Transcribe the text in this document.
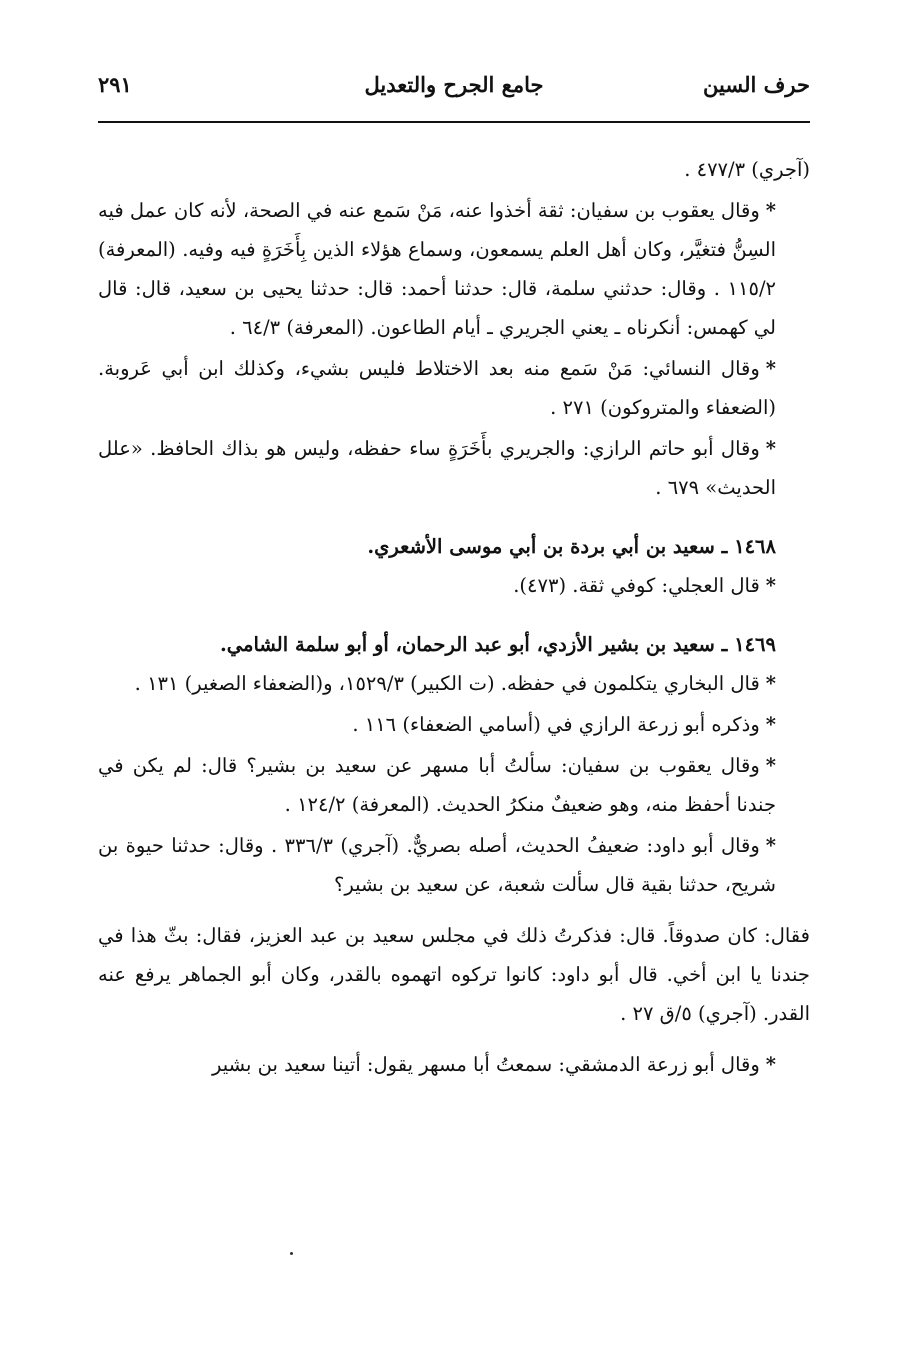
حرف السين
جامع الجرح والتعديل
٢٩١

(آجري) ٤٧٧/٣ .

*وقال يعقوب بن سفيان: ثقة أخذوا عنه، مَنْ سَمع عنه في الصحة، لأنه كان عمل فيه السِنُّ فتغيَّر، وكان أهل العلم يسمعون، وسماع هؤلاء الذين بِأَخَرَةٍ فيه وفيه. (المعرفة) ١١٥/٢ . وقال: حدثني سلمة، قال: حدثنا أحمد: قال: حدثنا يحيى بن سعيد، قال: قال لي كهمس: أنكرناه ـ يعني الجريري ـ أيام الطاعون. (المعرفة) ٦٤/٣ .

*وقال النسائي: مَنْ سَمع منه بعد الاختلاط فليس بشيء، وكذلك ابن أبي عَروبة. (الضعفاء والمتروكون) ٢٧١ .

*وقال أبو حاتم الرازي: والجريري بأَخَرَةٍ ساء حفظه، وليس هو بذاك الحافظ. «علل الحديث» ٦٧٩ .

١٤٦٨ ـ سعيد بن أبي بردة بن أبي موسى الأشعري.

*قال العجلي: كوفي ثقة. (٤٧٣).

١٤٦٩ ـ سعيد بن بشير الأزدي، أبو عبد الرحمان، أو أبو سلمة الشامي.

*قال البخاري يتكلمون في حفظه. (ت الكبير) ١٥٢٩/٣، و(الضعفاء الصغير) ١٣١ .

*وذكره أبو زرعة الرازي في (أسامي الضعفاء) ١١٦ .

*وقال يعقوب بن سفيان: سألتُ أبا مسهر عن سعيد بن بشير؟ قال: لم يكن في جندنا أحفظ منه، وهو ضعيفٌ منكرُ الحديث. (المعرفة) ١٢٤/٢ .

*وقال أبو داود: ضعيفُ الحديث، أصله بصريٌّ. (آجري) ٣٣٦/٣ . وقال: حدثنا حيوة بن شريح، حدثنا بقية قال سألت شعبة، عن سعيد بن بشير؟

فقال: كان صدوقاً. قال: فذكرتُ ذلك في مجلس سعيد بن عبد العزيز، فقال: بثّ هذا في جندنا يا ابن أخي. قال أبو داود: كانوا تركوه اتهموه بالقدر، وكان أبو الجماهر يرفع عنه القدر. (آجري) ٥/ق ٢٧ .

*وقال أبو زرعة الدمشقي: سمعتُ أبا مسهر يقول: أتينا سعيد بن بشير
